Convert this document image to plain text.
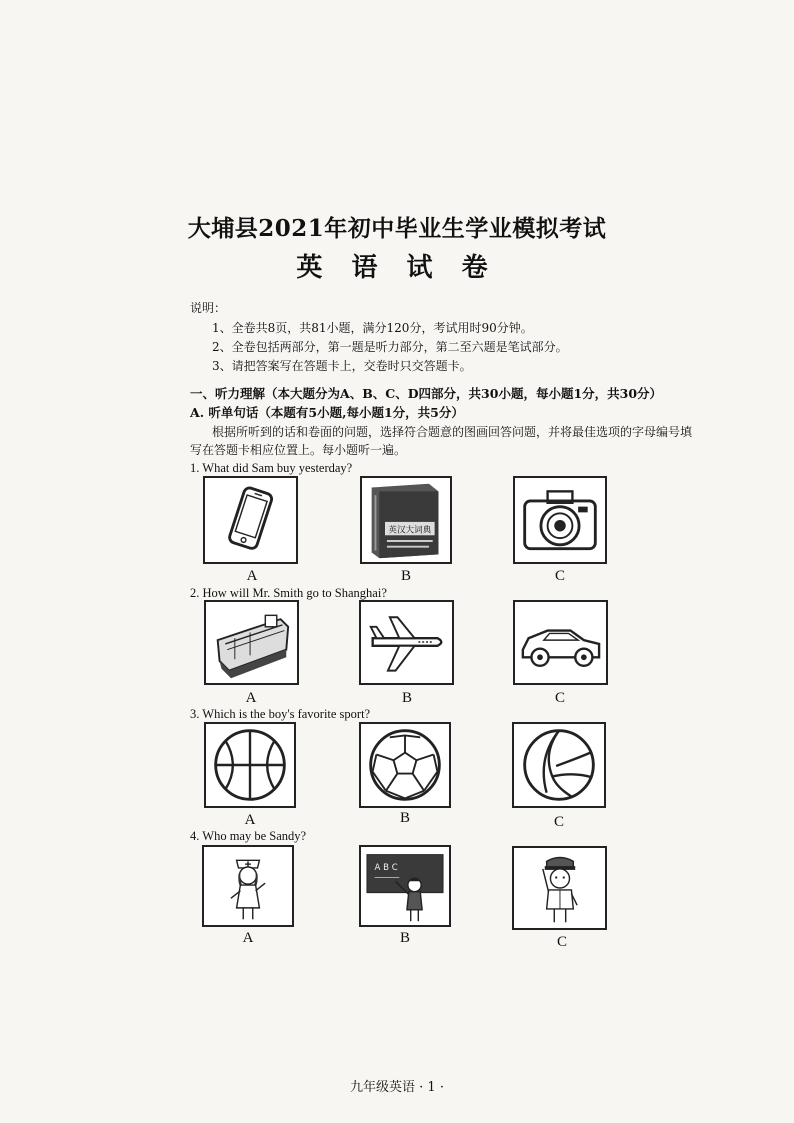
大埔县2021年初中毕业生学业模拟考试
英 语 试 卷
说明：
1、全卷共8页，共81小题，满分120分，考试用时90分钟。
2、全卷包括两部分，第一题是听力部分，第二至六题是笔试部分。
3、请把答案写在答题卡上，交卷时只交答题卡。
一、听力理解（本大题分为A、B、C、D四部分，共30小题，每小题1分，共30分）
A. 听单句话（本题有5小题,每小题1分，共5分）
根据所听到的话和卷面的问题，选择符合题意的图画回答问题，并将最佳选项的字母编号填
写在答题卡相应位置上。每小题听一遍。
1. What did Sam buy yesterday?
英汉大词典
A	B	C
2. How will Mr. Smith go to Shanghai?
A	B	C
3. Which is the boy's favorite sport?
A	B	C
4. Who may be Sandy?
A B C
A	B	C
九年级英语 · 1 ·
